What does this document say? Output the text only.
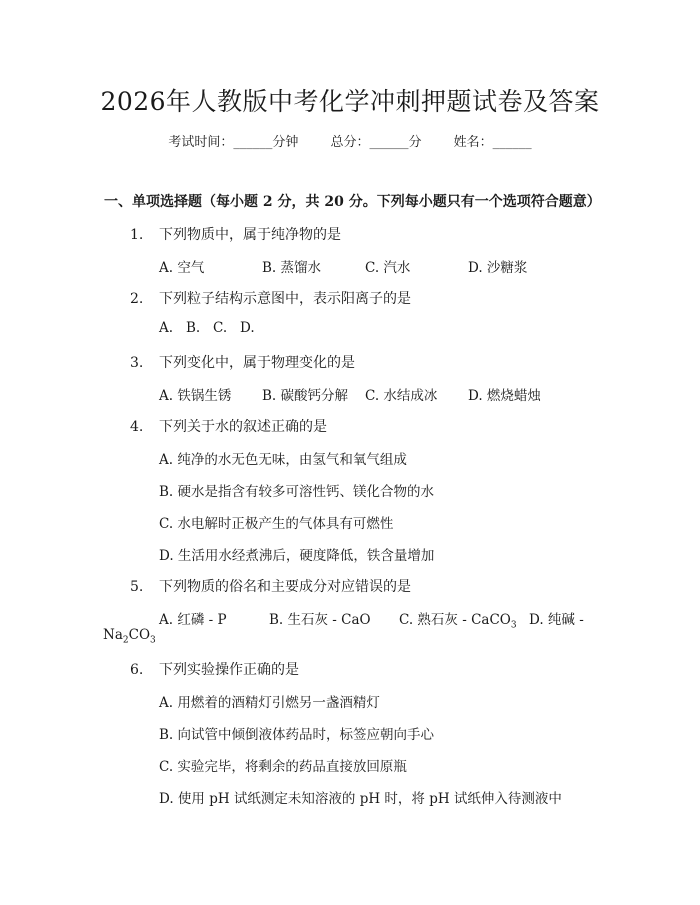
2026年人教版中考化学冲刺押题试卷及答案
考试时间：______分钟 总分：______分 姓名：______
一、单项选择题（每小题 2 分，共 20 分。下列每小题只有一个选项符合题意）
1. 下列物质中，属于纯净物的是
A. 空气	B. 蒸馏水	C. 汽水	D. 沙糖浆
2. 下列粒子结构示意图中，表示阳离子的是
A. B. C. D.
3. 下列变化中，属于物理变化的是
A. 铁锅生锈 B. 碳酸钙分解 C. 水结成冰 D. 燃烧蜡烛
4. 下列关于水的叙述正确的是
A. 纯净的水无色无味，由氢气和氧气组成
B. 硬水是指含有较多可溶性钙、镁化合物的水
C. 水电解时正极产生的气体具有可燃性
D. 生活用水经煮沸后，硬度降低，铁含量增加
5. 下列物质的俗名和主要成分对应错误的是
A. 红磷 - P	B. 生石灰 - CaO C. 熟石灰 - CaCO$_3$ D. 纯碱 -
$Na_2CO_3$
6. 下列实验操作正确的是
A. 用燃着的酒精灯引燃另一盏酒精灯
B. 向试管中倾倒液体药品时，标签应朝向手心
C. 实验完毕，将剩余的药品直接放回原瓶
D. 使用 pH 试纸测定未知溶液的 pH 时，将 pH 试纸伸入待测液中
